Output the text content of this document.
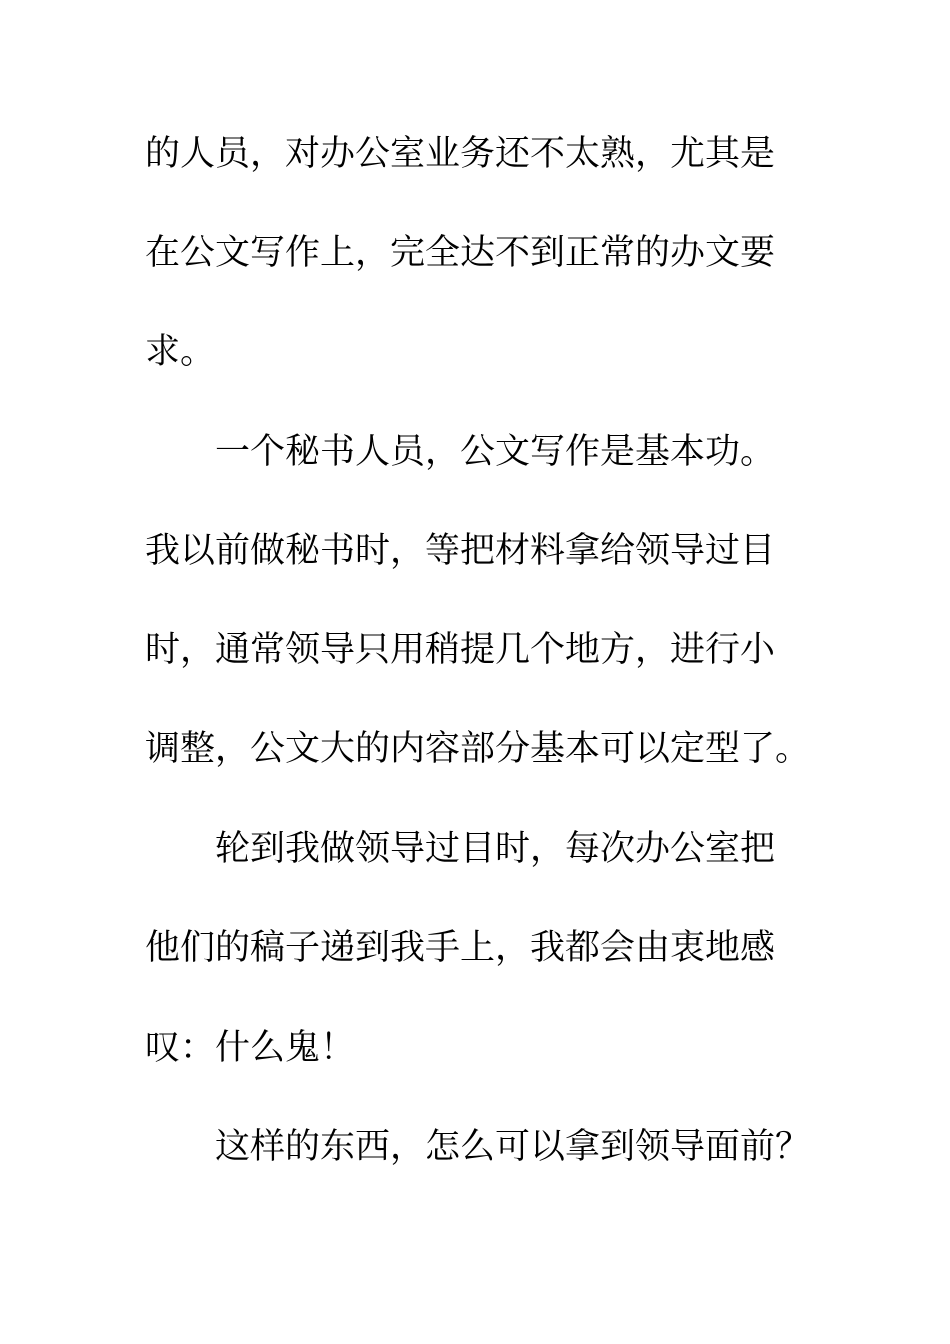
的人员，对办公室业务还不太熟，尤其是
在公文写作上，完全达不到正常的办文要
求。
一个秘书人员，公文写作是基本功。
我以前做秘书时，等把材料拿给领导过目
时，通常领导只用稍提几个地方，进行小
调整，公文大的内容部分基本可以定型了。
轮到我做领导过目时，每次办公室把
他们的稿子递到我手上，我都会由衷地感
叹：什么鬼！
这样的东西，怎么可以拿到领导面前？
